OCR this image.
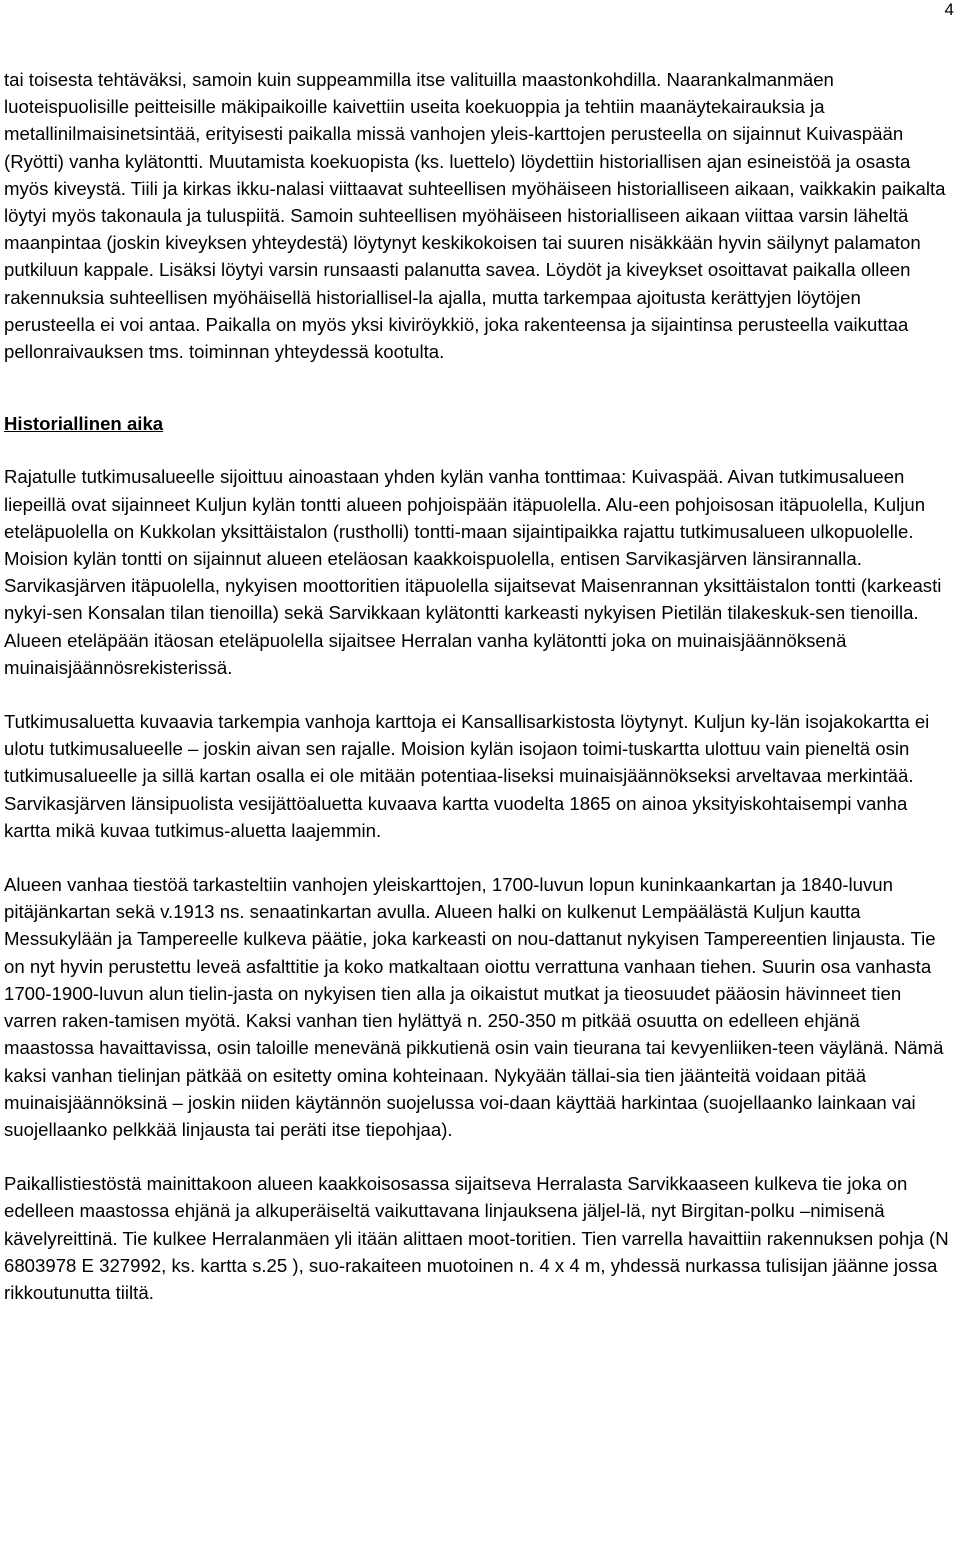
4

tai toisesta tehtäväksi, samoin kuin suppeammilla itse valituilla maastonkohdilla. Naarankalmanmäen luoteispuolisille peitteisille mäkipaikoille kaivettiin useita koekuoppia ja tehtiin maanäytekairauksia ja metallinilmaisinetsintää, erityisesti paikalla missä vanhojen yleis-karttojen perusteella on sijainnut Kuivaspään (Ryötti) vanha kylätontti. Muutamista koekuopista (ks. luettelo) löydettiin historiallisen ajan esineistöä ja osasta myös kiveystä. Tiili ja kirkas ikku-nalasi viittaavat suhteellisen myöhäiseen historialliseen aikaan, vaikkakin paikalta löytyi myös takonaula ja tuluspiitä. Samoin suhteellisen myöhäiseen historialliseen aikaan viittaa varsin läheltä maanpintaa (joskin kiveyksen yhteydestä) löytynyt keskikokoisen tai suuren nisäkkään hyvin säilynyt palamaton putkiluun kappale. Lisäksi löytyi varsin runsaasti palanutta savea. Löydöt ja kiveykset osoittavat paikalla olleen rakennuksia suhteellisen myöhäisellä historiallisel-la ajalla, mutta tarkempaa ajoitusta kerättyjen löytöjen perusteella ei voi antaa. Paikalla on myös yksi kiviröykkiö, joka rakenteensa ja sijaintinsa perusteella vaikuttaa pellonraivauksen tms. toiminnan yhteydessä kootulta.

Historiallinen aika

Rajatulle tutkimusalueelle sijoittuu ainoastaan yhden kylän vanha tonttimaa: Kuivaspää. Aivan tutkimusalueen liepeillä ovat sijainneet Kuljun kylän tontti alueen pohjoispään itäpuolella. Alu-een pohjoisosan itäpuolella, Kuljun eteläpuolella on Kukkolan yksittäistalon (rustholli) tontti-maan sijaintipaikka rajattu tutkimusalueen ulkopuolelle. Moision kylän tontti on sijainnut alueen eteläosan kaakkoispuolella, entisen Sarvikasjärven länsirannalla. Sarvikasjärven itäpuolella, nykyisen moottoritien itäpuolella sijaitsevat Maisenrannan yksittäistalon tontti (karkeasti nykyi-sen Konsalan tilan tienoilla) sekä Sarvikkaan kylätontti karkeasti nykyisen Pietilän tilakeskuk-sen tienoilla. Alueen eteläpään itäosan eteläpuolella sijaitsee Herralan vanha kylätontti joka on muinaisjäännöksenä muinaisjäännösrekisterissä.

Tutkimusaluetta kuvaavia tarkempia vanhoja karttoja ei Kansallisarkistosta löytynyt. Kuljun ky-län isojakokartta ei ulotu tutkimusalueelle – joskin aivan sen rajalle. Moision kylän isojaon toimi-tuskartta ulottuu vain pieneltä osin tutkimusalueelle ja sillä kartan osalla ei ole mitään potentiaa-liseksi muinaisjäännökseksi arveltavaa merkintää. Sarvikasjärven länsipuolista vesijättöaluetta kuvaava kartta vuodelta 1865 on ainoa yksityiskohtaisempi vanha kartta mikä kuvaa tutkimus-aluetta laajemmin.

Alueen vanhaa tiestöä tarkasteltiin vanhojen yleiskarttojen, 1700-luvun lopun kuninkaankartan ja 1840-luvun pitäjänkartan sekä v.1913 ns. senaatinkartan avulla. Alueen halki on kulkenut Lempäälästä Kuljun kautta Messukylään ja Tampereelle kulkeva päätie, joka karkeasti on nou-dattanut nykyisen Tampereentien linjausta. Tie on nyt hyvin perustettu leveä asfalttitie ja koko matkaltaan oiottu verrattuna vanhaan tiehen. Suurin osa vanhasta 1700-1900-luvun alun tielin-jasta on nykyisen tien alla ja oikaistut mutkat ja tieosuudet pääosin hävinneet tien varren raken-tamisen myötä. Kaksi vanhan tien hylättyä n. 250-350 m pitkää osuutta on edelleen ehjänä maastossa havaittavissa, osin taloille menevänä pikkutienä osin vain tieurana tai kevyenliiken-teen väylänä. Nämä kaksi vanhan tielinjan pätkää on esitetty omina kohteinaan. Nykyään tällai-sia tien jäänteitä voidaan pitää muinaisjäännöksinä – joskin niiden käytännön suojelussa voi-daan käyttää harkintaa (suojellaanko lainkaan vai suojellaanko pelkkää linjausta tai peräti itse tiepohjaa).

Paikallistiestöstä mainittakoon alueen kaakkoisosassa sijaitseva Herralasta Sarvikkaaseen kulkeva tie joka on edelleen maastossa ehjänä ja alkuperäiseltä vaikuttavana linjauksena jäljel-lä, nyt Birgitan-polku –nimisenä kävelyreittinä. Tie kulkee Herralanmäen yli itään alittaen moot-toritien. Tien varrella havaittiin rakennuksen pohja (N 6803978 E 327992, ks. kartta s.25 ), suo-rakaiteen muotoinen n. 4 x 4 m, yhdessä nurkassa tulisijan jäänne jossa rikkoutunutta tiiltä.
